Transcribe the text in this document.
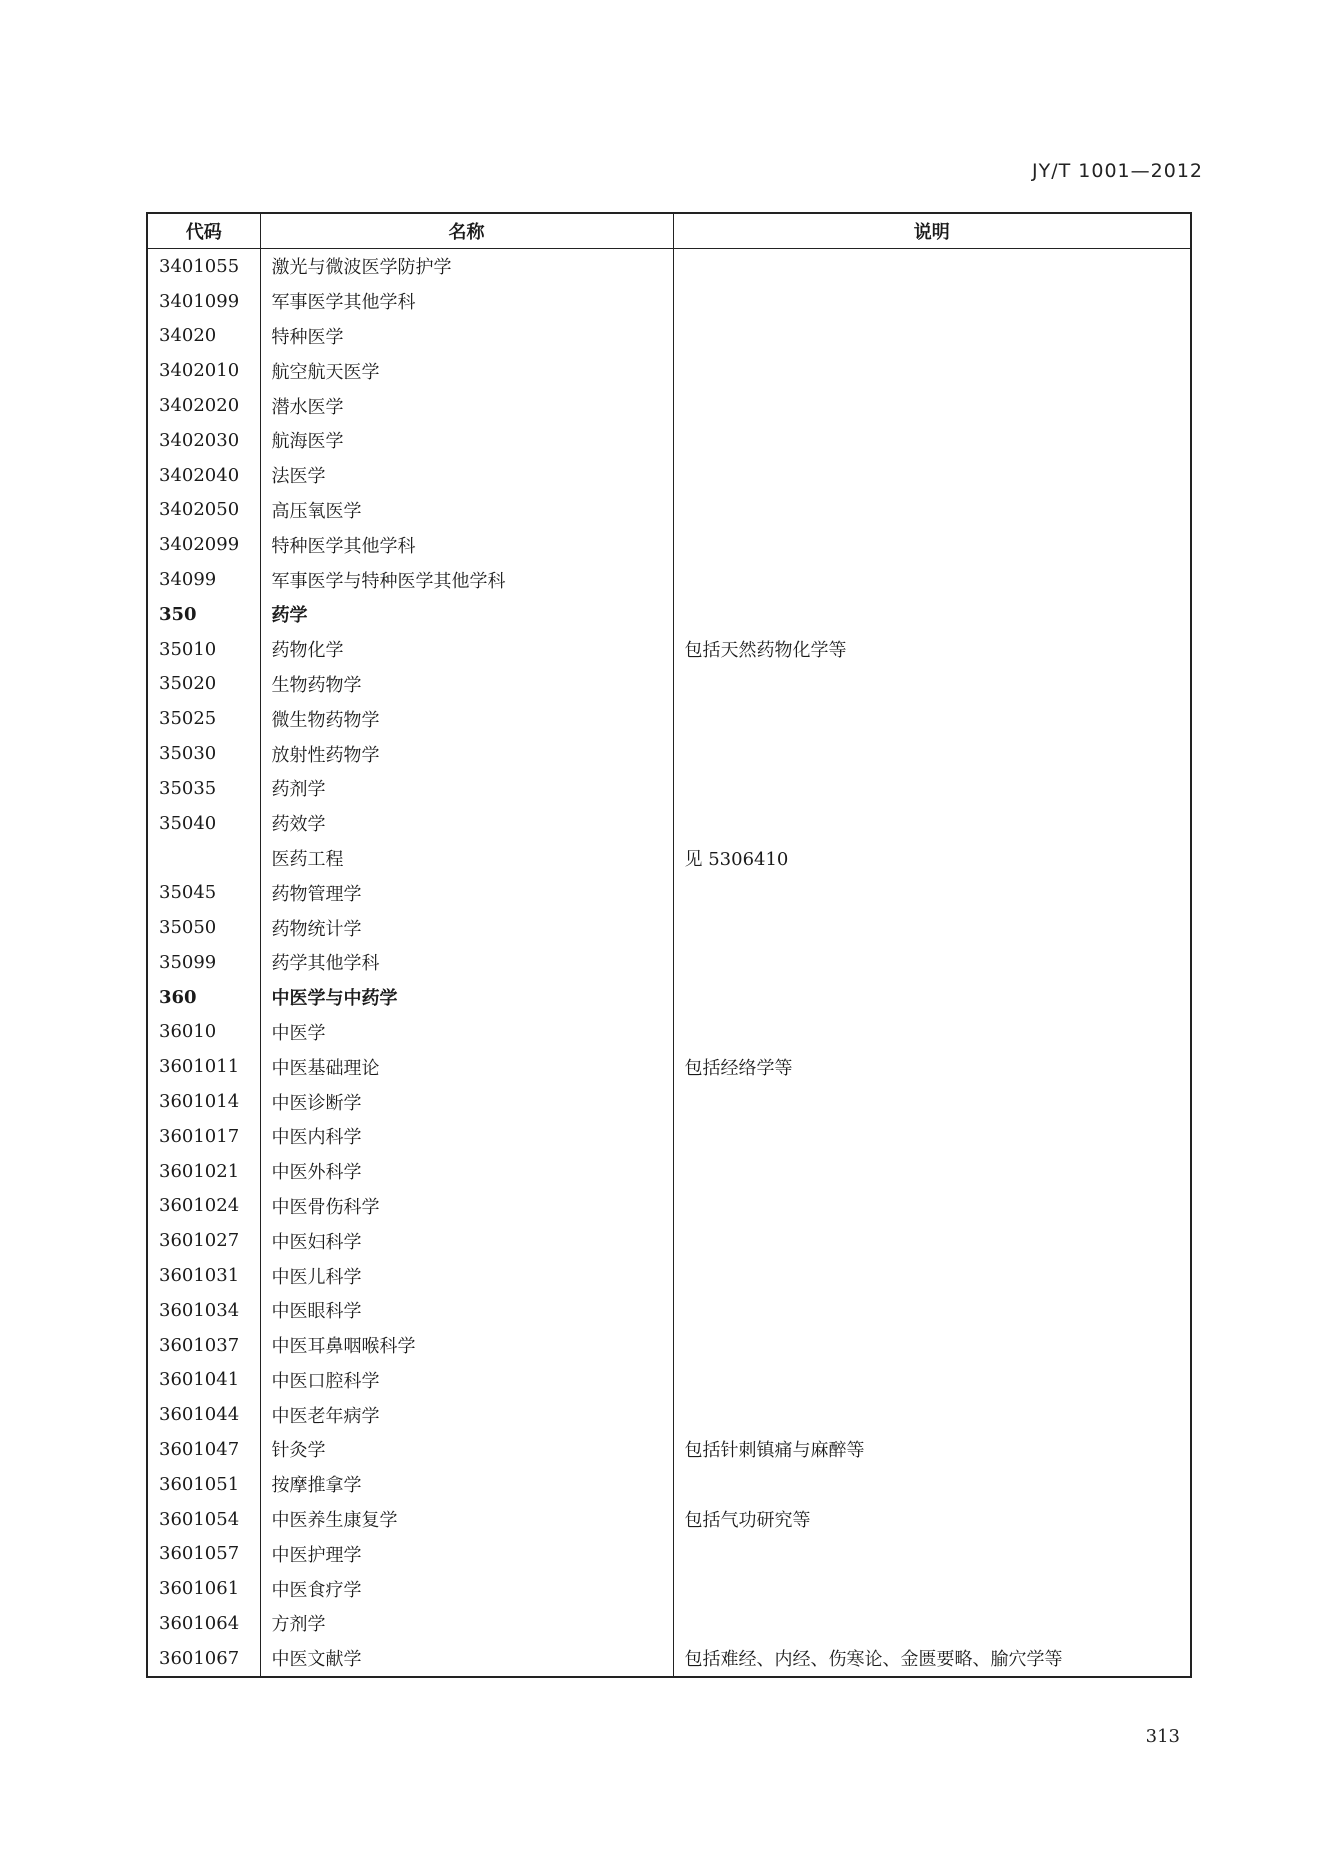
JY/T 1001—2012
代码	名称	说明
3401055	激光与微波医学防护学	
3401099	军事医学其他学科	
34020	特种医学	
3402010	航空航天医学	
3402020	潜水医学	
3402030	航海医学	
3402040	法医学	
3402050	高压氧医学	
3402099	特种医学其他学科	
34099	军事医学与特种医学其他学科	
350	药学	
35010	药物化学	包括天然药物化学等
35020	生物药物学	
35025	微生物药物学	
35030	放射性药物学	
35035	药剂学	
35040	药效学	
	医药工程	见 5306410
35045	药物管理学	
35050	药物统计学	
35099	药学其他学科	
360	中医学与中药学	
36010	中医学	
3601011	中医基础理论	包括经络学等
3601014	中医诊断学	
3601017	中医内科学	
3601021	中医外科学	
3601024	中医骨伤科学	
3601027	中医妇科学	
3601031	中医儿科学	
3601034	中医眼科学	
3601037	中医耳鼻咽喉科学	
3601041	中医口腔科学	
3601044	中医老年病学	
3601047	针灸学	包括针刺镇痛与麻醉等
3601051	按摩推拿学	
3601054	中医养生康复学	包括气功研究等
3601057	中医护理学	
3601061	中医食疗学	
3601064	方剂学	
3601067	中医文献学	包括难经、内经、伤寒论、金匮要略、腧穴学等
313
